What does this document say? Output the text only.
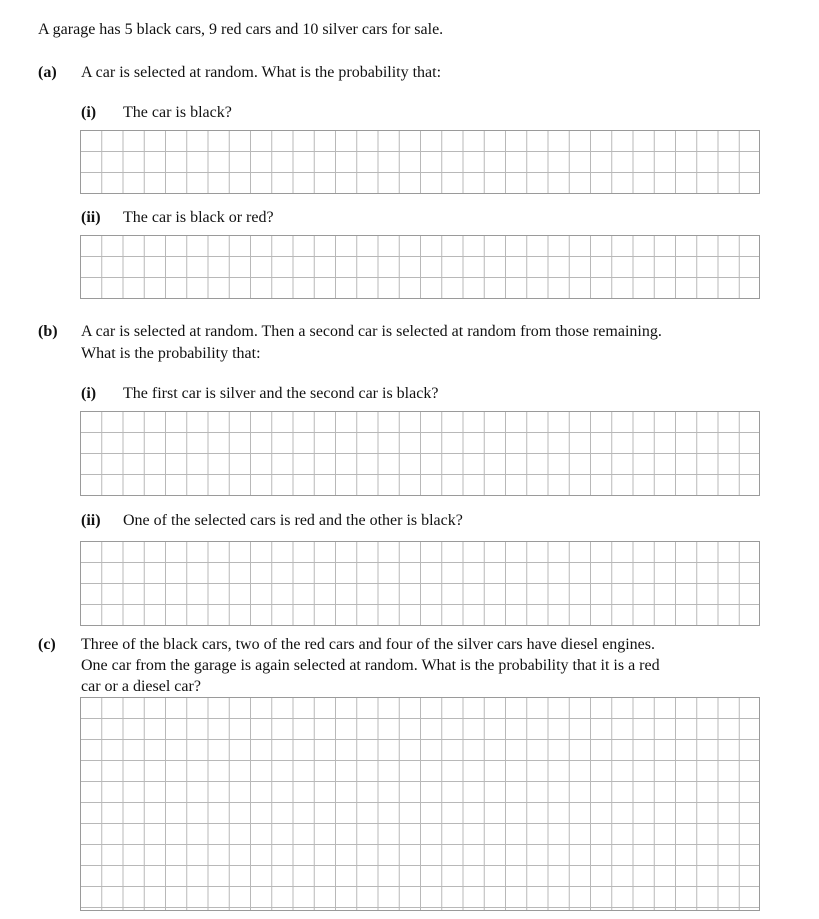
A garage has 5 black cars, 9 red cars and 10 silver cars for sale.

(a) A car is selected at random. What is the probability that:

(i) The car is black?

(ii) The car is black or red?

(b) A car is selected at random. Then a second car is selected at random from those remaining.

What is the probability that:

(i) The first car is silver and the second car is black?

(ii) One of the selected cars is red and the other is black?

(c) Three of the black cars, two of the red cars and four of the silver cars have diesel engines.

One car from the garage is again selected at random. What is the probability that it is a red

car or a diesel car?
